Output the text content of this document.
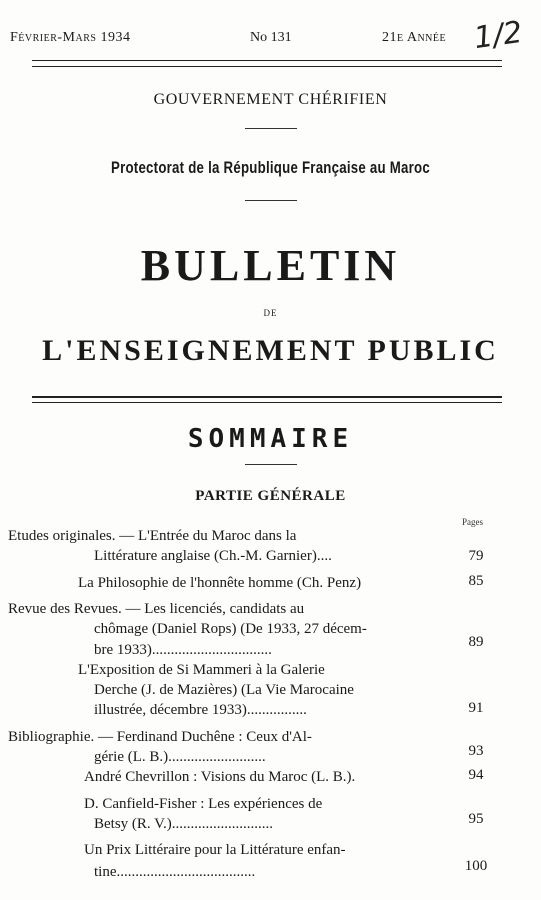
Février-Mars 1934	No 131	21e Année 1/2
GOUVERNEMENT CHÉRIFIEN
Protectorat de la République Française au Maroc
BULLETIN
DE
L'ENSEIGNEMENT PUBLIC
SOMMAIRE
PARTIE GÉNÉRALE
Pages
Etudes originales. — L'Entrée du Maroc dans la
Littérature anglaise (Ch.-M. Garnier)....
La Philosophie de l'honnête homme (Ch. Penz)
Revue des Revues. — Les licenciés, candidats au
chômage (Daniel Rops) (De 1933, 27 décem-
bre 1933)................................
L'Exposition de Si Mammeri à la Galerie
Derche (J. de Mazières) (La Vie Marocaine
illustrée, décembre 1933)................
Bibliographie. — Ferdinand Duchêne : Ceux d'Al-
gérie (L. B.)..........................
André Chevrillon : Visions du Maroc (L. B.).
D. Canfield-Fisher : Les expériences de
Betsy (R. V.)...........................
Un Prix Littéraire pour la Littérature enfan-
tine.....................................
79
85
89
91
93
94
95
100
